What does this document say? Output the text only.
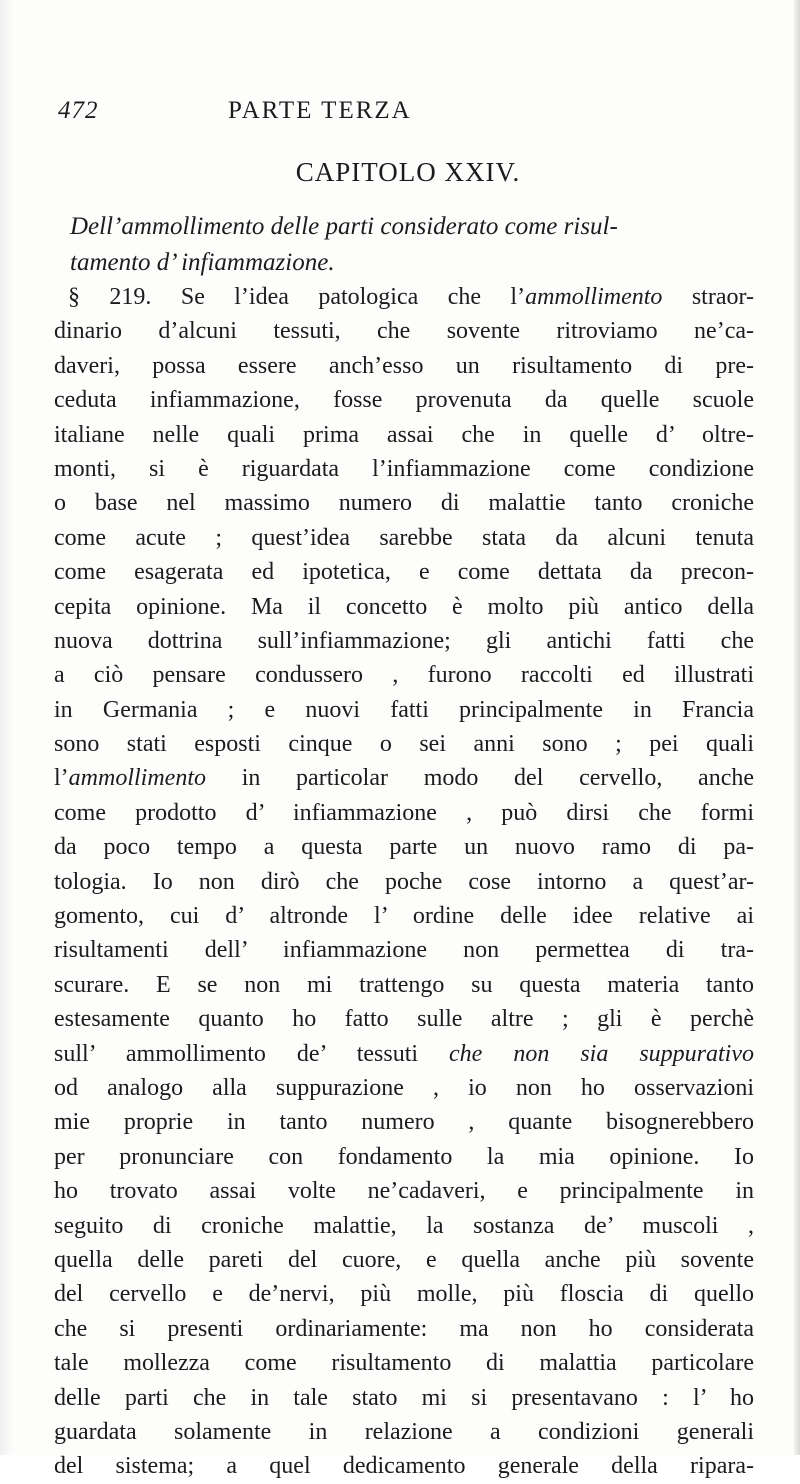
472	PARTE TERZA
CAPITOLO XXIV.
Dell’ammollimento delle parti considerato come risul-
tamento d’ infiammazione.
§ 219. Se l’idea patologica che l’ammollimento straor-
dinario d’alcuni tessuti, che sovente ritroviamo ne’ca-
daveri, possa essere anch’esso un risultamento di pre-
ceduta infiammazione, fosse provenuta da quelle scuole
italiane nelle quali prima assai che in quelle d’ oltre-
monti, si è riguardata l’infiammazione come condizione
o base nel massimo numero di malattie tanto croniche
come acute ; quest’idea sarebbe stata da alcuni tenuta
come esagerata ed ipotetica, e come dettata da precon-
cepita opinione. Ma il concetto è molto più antico della
nuova dottrina sull’infiammazione; gli antichi fatti che
a ciò pensare condussero , furono raccolti ed illustrati
in Germania ; e nuovi fatti principalmente in Francia
sono stati esposti cinque o sei anni sono ; pei quali
l’ammollimento in particolar modo del cervello, anche
come prodotto d’ infiammazione , può dirsi che formi
da poco tempo a questa parte un nuovo ramo di pa-
tologia. Io non dirò che poche cose intorno a quest’ar-
gomento, cui d’ altronde l’ ordine delle idee relative ai
risultamenti dell’ infiammazione non permettea di tra-
scurare. E se non mi trattengo su questa materia tanto
estesamente quanto ho fatto sulle altre ; gli è perchè
sull’ ammollimento de’ tessuti che non sia suppurativo
od analogo alla suppurazione , io non ho osservazioni
mie proprie in tanto numero , quante bisognerebbero
per pronunciare con fondamento la mia opinione. Io
ho trovato assai volte ne’cadaveri, e principalmente in
seguito di croniche malattie, la sostanza de’ muscoli ,
quella delle pareti del cuore, e quella anche più sovente
del cervello e de’nervi, più molle, più floscia di quello
che si presenti ordinariamente: ma non ho considerata
tale mollezza come risultamento di malattia particolare
delle parti che in tale stato mi si presentavano : l’ ho
guardata solamente in relazione a condizioni generali
del sistema; a quel dedicamento generale della ripara-
